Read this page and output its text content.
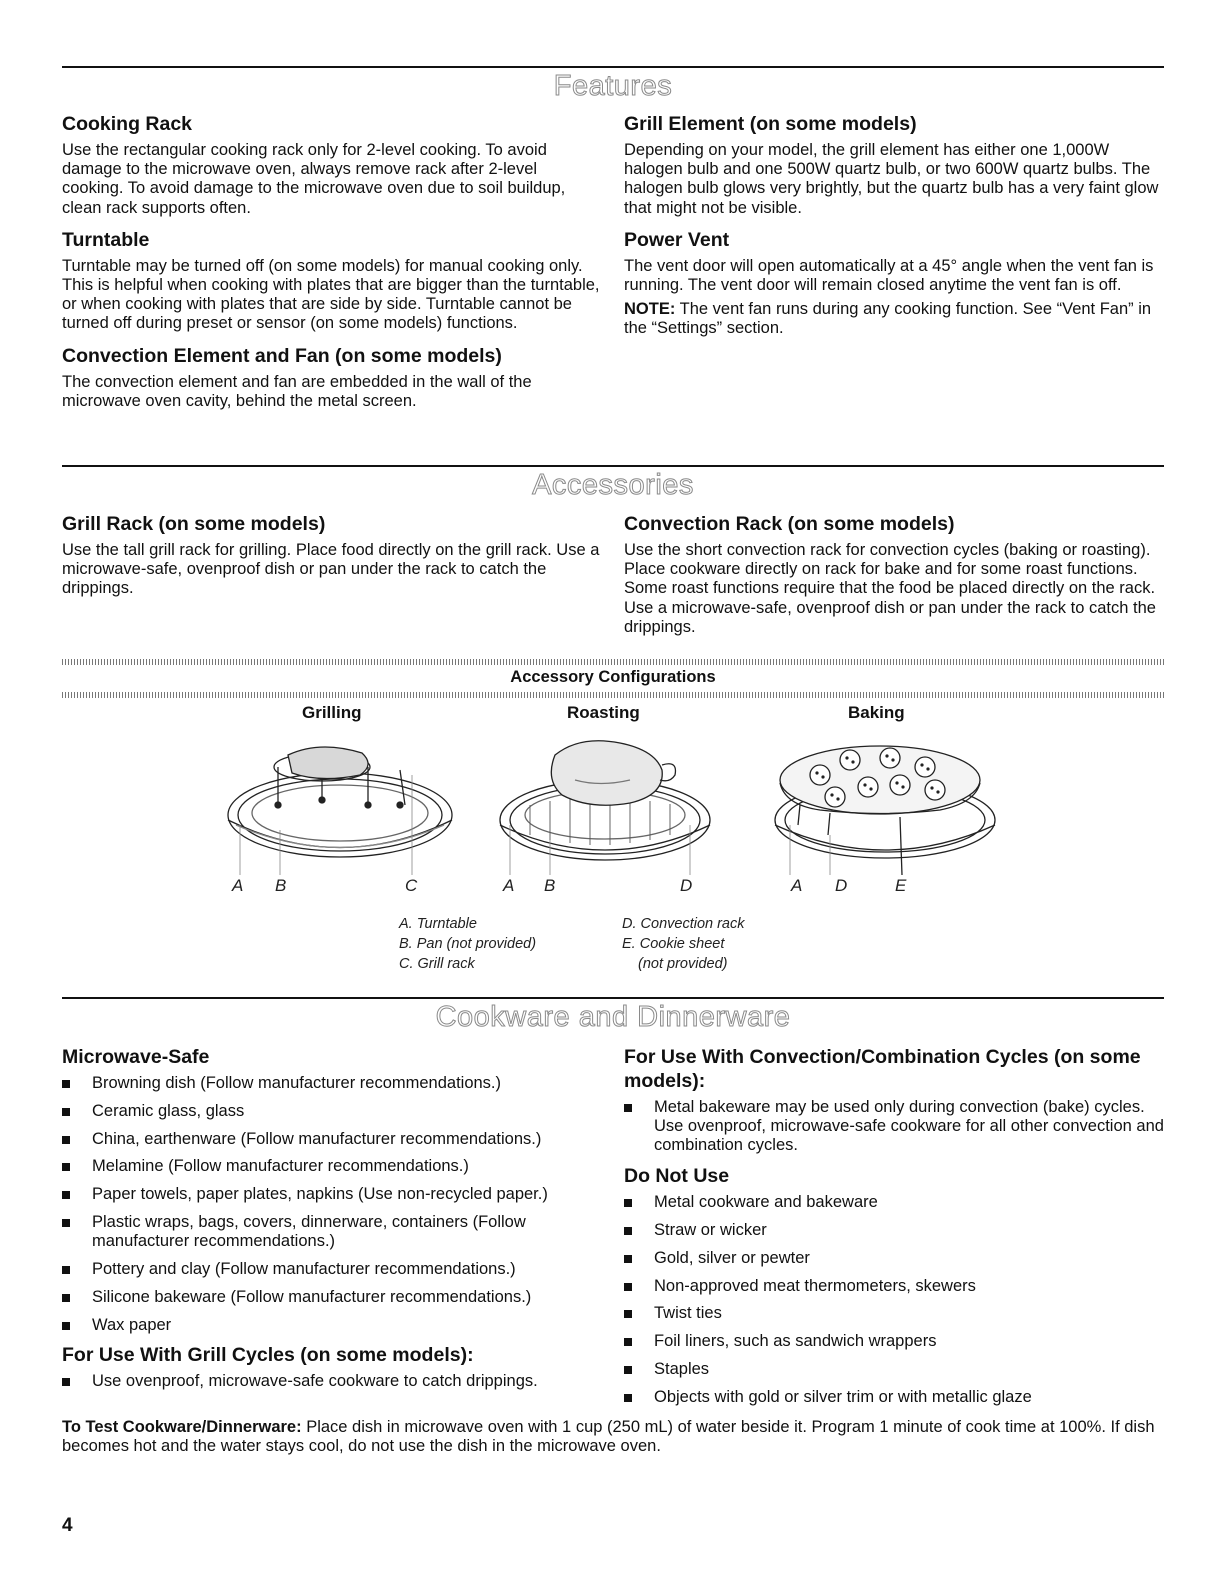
Features
Cooking Rack

Use the rectangular cooking rack only for 2-level cooking. To avoid damage to the microwave oven, always remove rack after 2-level cooking. To avoid damage to the microwave oven due to soil buildup, clean rack supports often.

Turntable

Turntable may be turned off (on some models) for manual cooking only. This is helpful when cooking with plates that are bigger than the turntable, or when cooking with plates that are side by side. Turntable cannot be turned off during preset or sensor (on some models) functions.

Convection Element and Fan (on some models)

The convection element and fan are embedded in the wall of the microwave oven cavity, behind the metal screen.

Grill Element (on some models)

Depending on your model, the grill element has either one 1,000W halogen bulb and one 500W quartz bulb, or two 600W quartz bulbs. The halogen bulb glows very brightly, but the quartz bulb has a very faint glow that might not be visible.

Power Vent

The vent door will open automatically at a 45° angle when the vent fan is running. The vent door will remain closed anytime the vent fan is off.

NOTE: The vent fan runs during any cooking function. See “Vent Fan” in the “Settings” section.

Accessories
Grill Rack (on some models)

Use the tall grill rack for grilling. Place food directly on the grill rack. Use a microwave-safe, ovenproof dish or pan under the rack to catch the drippings.

Convection Rack (on some models)

Use the short convection rack for convection cycles (baking or roasting). Place cookware directly on rack for bake and for some roast functions. Some roast functions require that the food be placed directly on the rack. Use a microwave-safe, ovenproof dish or pan under the rack to catch the drippings.

Accessory Configurations
Grilling	Roasting	Baking
A B	C	A B	D	A D	E
A. Turntable
B. Pan (not provided)
C. Grill rack
D. Convection rack
E. Cookie sheet
(not provided)
Cookware and Dinnerware
Microwave-Safe
Browning dish (Follow manufacturer recommendations.)
Ceramic glass, glass
China, earthenware (Follow manufacturer recommendations.)
Melamine (Follow manufacturer recommendations.)
Paper towels, paper plates, napkins (Use non-recycled paper.)
Plastic wraps, bags, covers, dinnerware, containers (Follow manufacturer recommendations.)
Pottery and clay (Follow manufacturer recommendations.)
Silicone bakeware (Follow manufacturer recommendations.)
Wax paper
For Use With Grill Cycles (on some models):
Use ovenproof, microwave-safe cookware to catch drippings.
For Use With Convection/Combination Cycles (on some models):
Metal bakeware may be used only during convection (bake) cycles. Use ovenproof, microwave-safe cookware for all other convection and combination cycles.
Do Not Use
Metal cookware and bakeware
Straw or wicker
Gold, silver or pewter
Non-approved meat thermometers, skewers
Twist ties
Foil liners, such as sandwich wrappers
Staples
Objects with gold or silver trim or with metallic glaze
To Test Cookware/Dinnerware: Place dish in microwave oven with 1 cup (250 mL) of water beside it. Program 1 minute of cook time at 100%. If dish becomes hot and the water stays cool, do not use the dish in the microwave oven.
4
